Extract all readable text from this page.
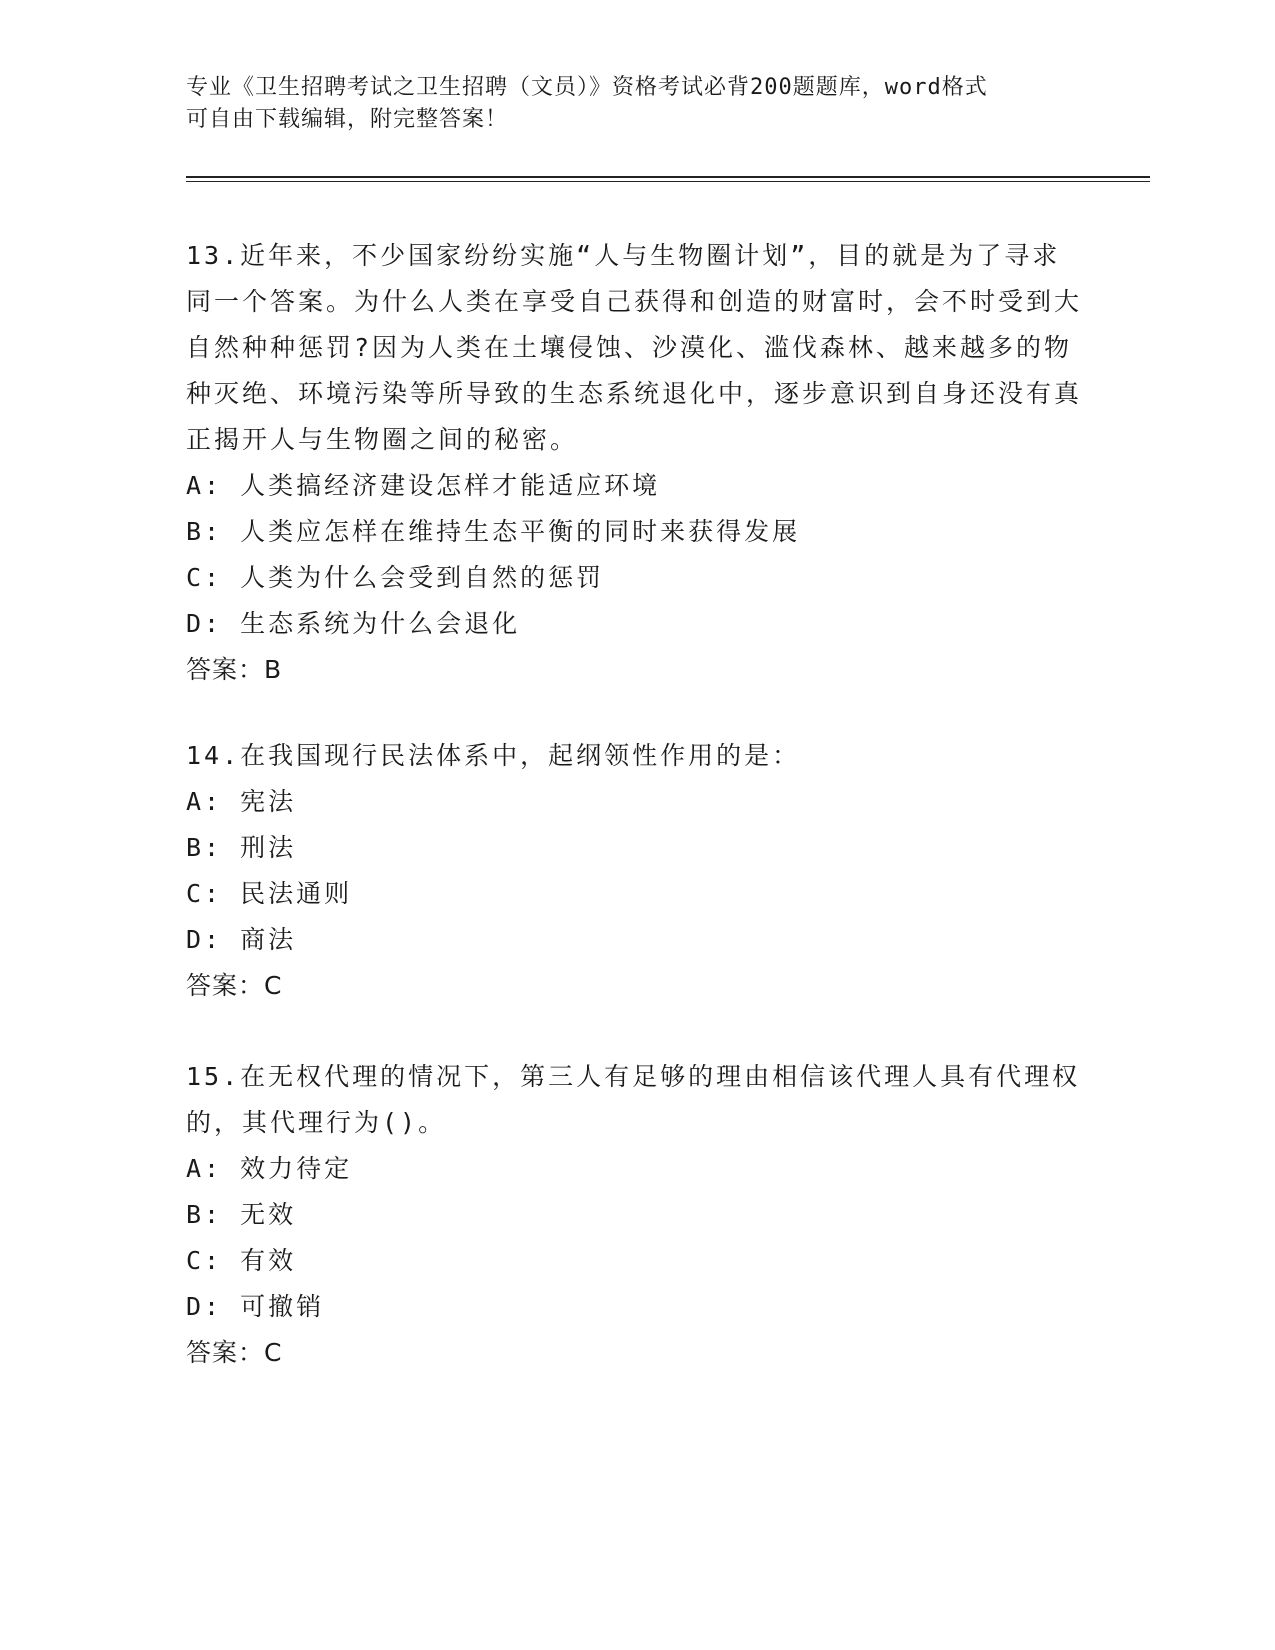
专业《卫生招聘考试之卫生招聘（文员）》资格考试必背200题题库，word格式
可自由下载编辑，附完整答案！

13.近年来，不少国家纷纷实施“人与生物圈计划”，目的就是为了寻求同一个答案。为什么人类在享受自己获得和创造的财富时，会不时受到大自然种种惩罚?因为人类在土壤侵蚀、沙漠化、滥伐森林、越来越多的物种灭绝、环境污染等所导致的生态系统退化中，逐步意识到自身还没有真正揭开人与生物圈之间的秘密。

A: 人类搞经济建设怎样才能适应环境

B: 人类应怎样在维持生态平衡的同时来获得发展

C: 人类为什么会受到自然的惩罚

D: 生态系统为什么会退化

答案：B

14.在我国现行民法体系中，起纲领性作用的是：

A: 宪法

B: 刑法

C: 民法通则

D: 商法

答案：C

15.在无权代理的情况下，第三人有足够的理由相信该代理人具有代理权的，其代理行为()。

A: 效力待定

B: 无效

C: 有效

D: 可撤销

答案：C
